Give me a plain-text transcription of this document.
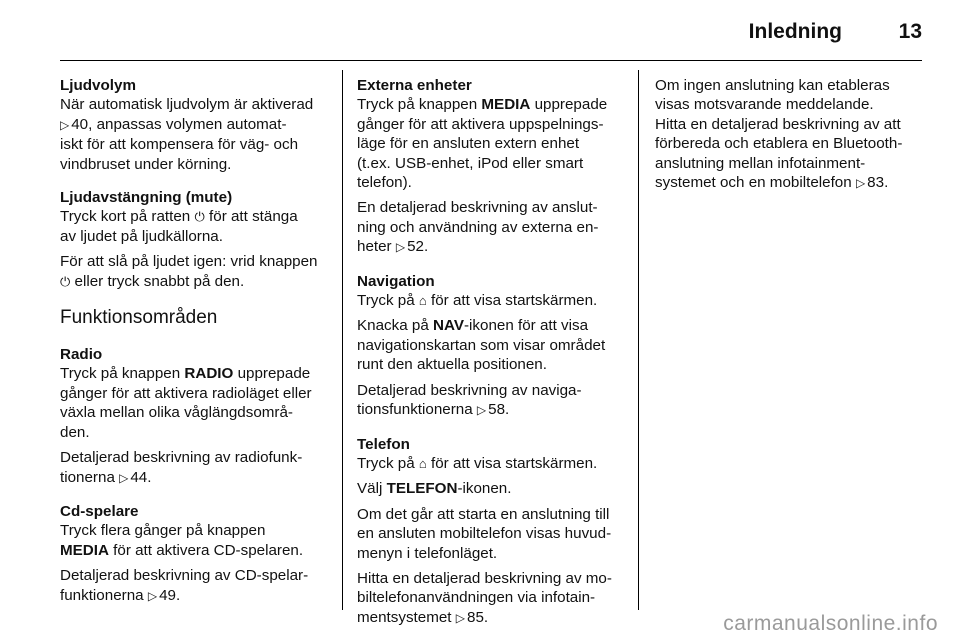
Inledning	13
Ljudvolym
När automatisk ljudvolym är aktiverad
▷ 40, anpassas volymen automat-
iskt för att kompensera för väg- och
vindbruset under körning.
Ljudavstängning (mute)
Tryck kort på ratten ⏻ för att stänga
av ljudet på ljudkällorna.
För att slå på ljudet igen: vrid knappen
⏻ eller tryck snabbt på den.
Funktionsområden
Radio
Tryck på knappen RADIO upprepade
gånger för att aktivera radioläget eller
växla mellan olika våglängdsområ-
den.
Detaljerad beskrivning av radiofunk-
tionerna ▷ 44.
Cd-spelare
Tryck flera gånger på knappen
MEDIA för att aktivera CD-spelaren.
Detaljerad beskrivning av CD-spelar-
funktionerna ▷ 49.
Externa enheter
Tryck på knappen MEDIA upprepade
gånger för att aktivera uppspelnings-
läge för en ansluten extern enhet
(t.ex. USB-enhet, iPod eller smart
telefon).
En detaljerad beskrivning av anslut-
ning och användning av externa en-
heter ▷ 52.
Navigation
Tryck på ⌂ för att visa startskärmen.
Knacka på NAV-ikonen för att visa
navigationskartan som visar området
runt den aktuella positionen.
Detaljerad beskrivning av naviga-
tionsfunktionerna ▷ 58.
Telefon
Tryck på ⌂ för att visa startskärmen.
Välj TELEFON-ikonen.
Om det går att starta en anslutning till
en ansluten mobiltelefon visas huvud-
menyn i telefonläget.
Hitta en detaljerad beskrivning av mo-
biltelefonanvändningen via infotain-
mentsystemet ▷ 85.
Om ingen anslutning kan etableras
visas motsvarande meddelande.
Hitta en detaljerad beskrivning av att
förbereda och etablera en Bluetooth-
anslutning mellan infotainment-
systemet och en mobiltelefon ▷ 83.
carmanualsonline.info
